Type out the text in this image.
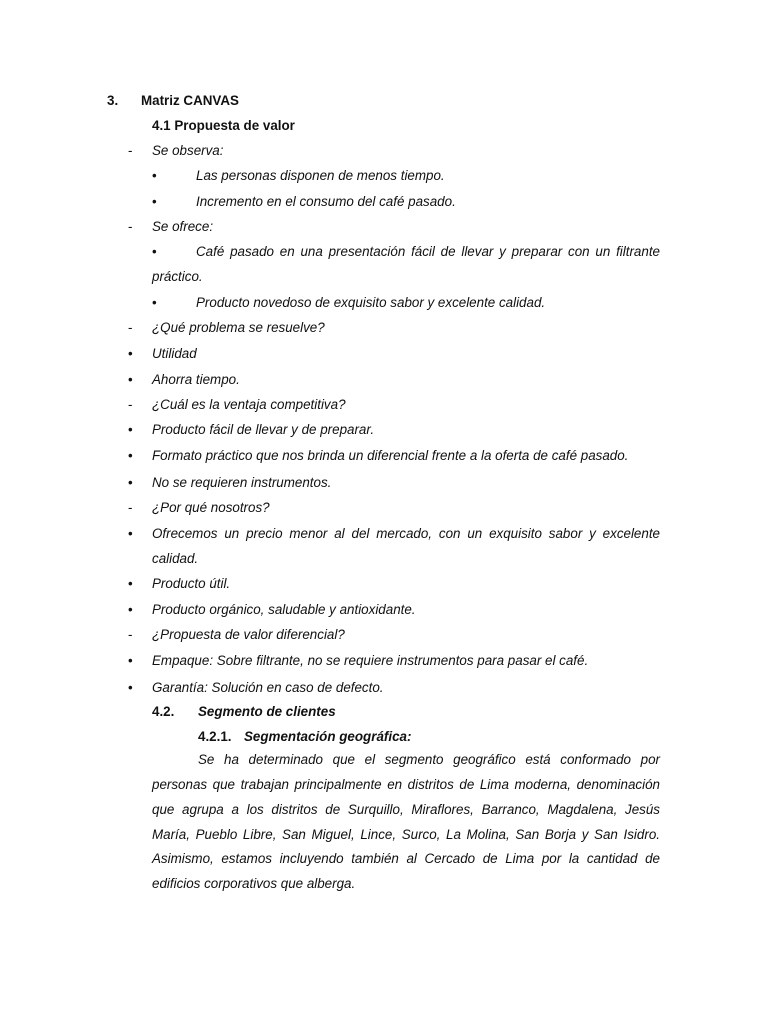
3. Matriz CANVAS
4.1 Propuesta de valor
- Se observa:
•	Las personas disponen de menos tiempo.
•	Incremento en el consumo del café pasado.
- Se ofrece:
•	Café pasado en una presentación fácil de llevar y preparar con un filtrante
práctico.
•	Producto novedoso de exquisito sabor y excelente calidad.
- ¿Qué problema se resuelve?
• Utilidad
• Ahorra tiempo.
- ¿Cuál es la ventaja competitiva?
• Producto fácil de llevar y de preparar.
• Formato práctico que nos brinda un diferencial frente a la oferta de café pasado.
• No se requieren instrumentos.
- ¿Por qué nosotros?
• Ofrecemos un precio menor al del mercado, con un exquisito sabor y excelente
calidad.
• Producto útil.
• Producto orgánico, saludable y antioxidante.
- ¿Propuesta de valor diferencial?
• Empaque: Sobre filtrante, no se requiere instrumentos para pasar el café.
• Garantía: Solución en caso de defecto.
4.2. Segmento de clientes
4.2.1. Segmentación geográfica:
Se ha determinado que el segmento geográfico está conformado por
personas que trabajan principalmente en distritos de Lima moderna, denominación
que agrupa a los distritos de Surquillo, Miraflores, Barranco, Magdalena, Jesús
María, Pueblo Libre, San Miguel, Lince, Surco, La Molina, San Borja y San Isidro.
Asimismo, estamos incluyendo también al Cercado de Lima por la cantidad de
edificios corporativos que alberga.
